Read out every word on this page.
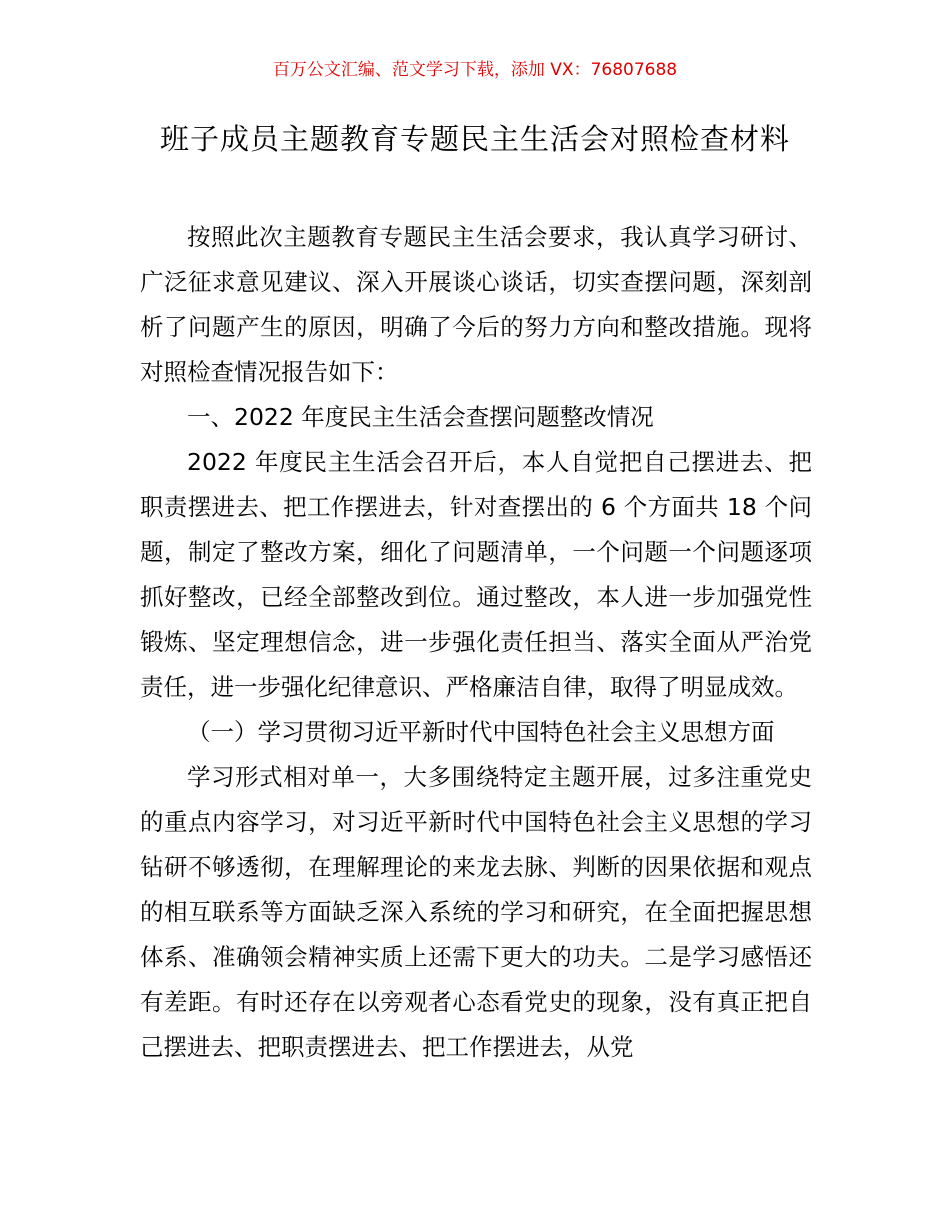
百万公文汇编、范文学习下载，添加 VX：76807688
班子成员主题教育专题民主生活会对照检查材料

按照此次主题教育专题民主生活会要求，我认真学习研讨、广泛征求意见建议、深入开展谈心谈话，切实查摆问题，深刻剖析了问题产生的原因，明确了今后的努力方向和整改措施。现将对照检查情况报告如下：

一、2022 年度民主生活会查摆问题整改情况

2022 年度民主生活会召开后，本人自觉把自己摆进去、把职责摆进去、把工作摆进去，针对查摆出的 6 个方面共 18 个问题，制定了整改方案，细化了问题清单，一个问题一个问题逐项抓好整改，已经全部整改到位。通过整改，本人进一步加强党性锻炼、坚定理想信念，进一步强化责任担当、落实全面从严治党责任，进一步强化纪律意识、严格廉洁自律，取得了明显成效。

（一）学习贯彻习近平新时代中国特色社会主义思想方面

学习形式相对单一，大多围绕特定主题开展，过多注重党史的重点内容学习，对习近平新时代中国特色社会主义思想的学习钻研不够透彻，在理解理论的来龙去脉、判断的因果依据和观点的相互联系等方面缺乏深入系统的学习和研究，在全面把握思想体系、准确领会精神实质上还需下更大的功夫。二是学习感悟还有差距。有时还存在以旁观者心态看党史的现象，没有真正把自己摆进去、把职责摆进去、把工作摆进去，从党
